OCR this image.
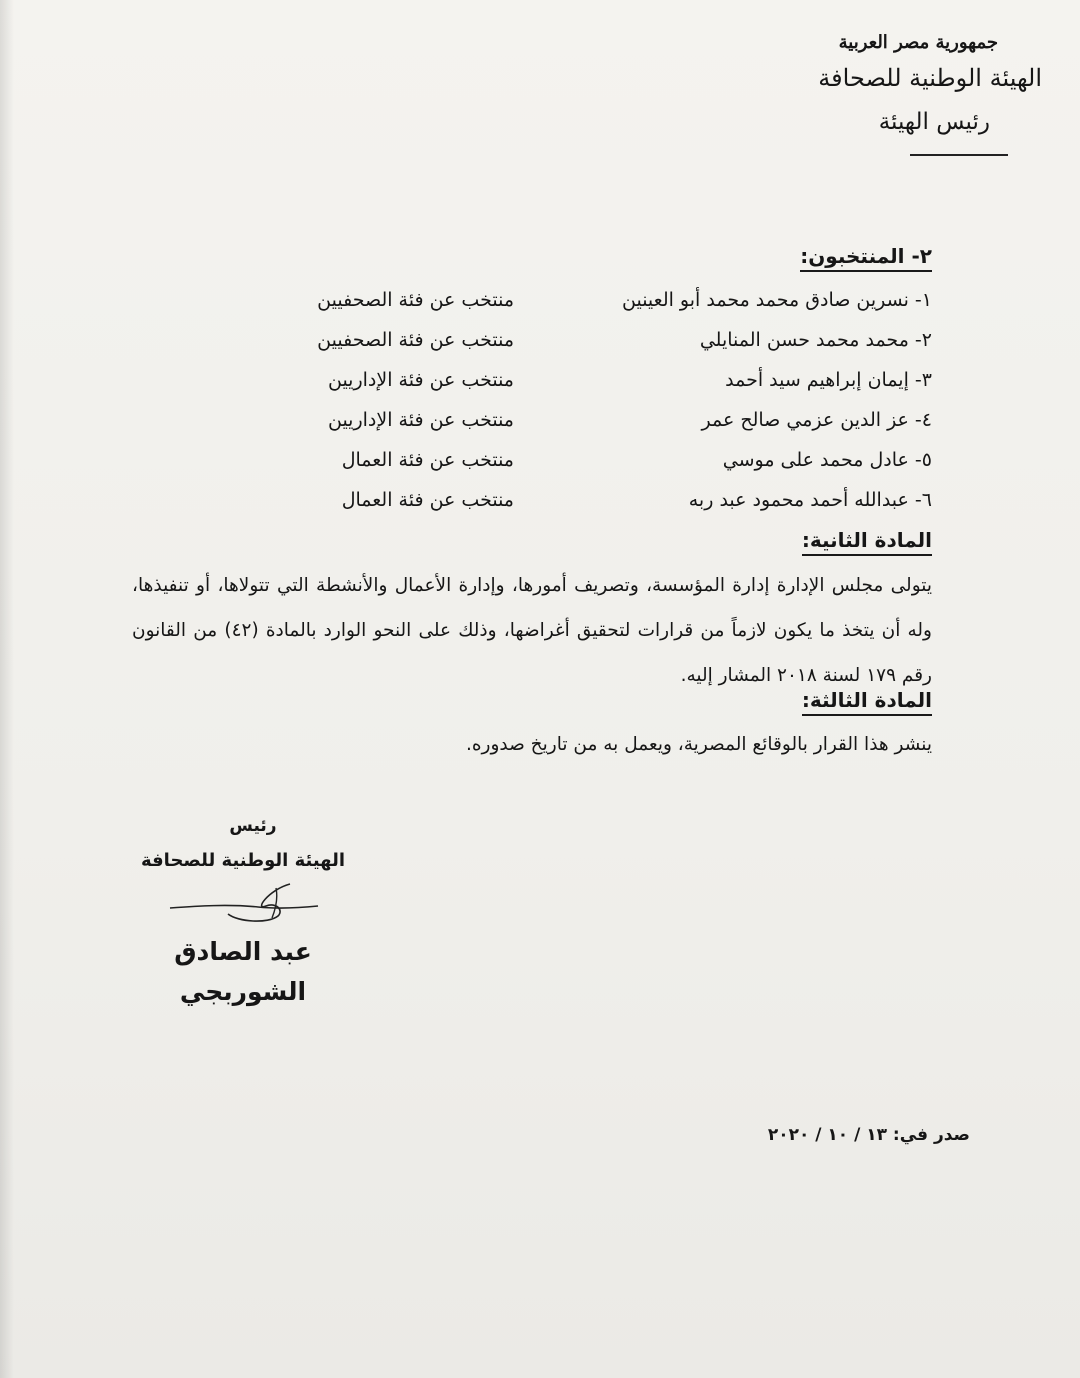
جمهورية مصر العربية
الهيئة الوطنية للصحافة
رئيس الهيئة
٢- المنتخبون:
١- نسرين صادق محمد محمد أبو العينين
منتخب عن فئة الصحفيين
٢- محمد محمد حسن المنايلي
منتخب عن فئة الصحفيين
٣- إيمان إبراهيم سيد أحمد
منتخب عن فئة الإداريين
٤- عز الدين عزمي صالح عمر
منتخب عن فئة الإداريين
٥- عادل محمد على موسي
منتخب عن فئة العمال
٦- عبدالله أحمد محمود عبد ربه
منتخب عن فئة العمال
المادة الثانية:
يتولى مجلس الإدارة إدارة المؤسسة، وتصريف أمورها، وإدارة الأعمال والأنشطة التي تتولاها، أو تنفيذها، وله أن يتخذ ما يكون لازماً من قرارات لتحقيق أغراضها، وذلك على النحو الوارد بالمادة (٤٢) من القانون رقم ١٧٩ لسنة ٢٠١٨ المشار إليه.
المادة الثالثة:
ينشر هذا القرار بالوقائع المصرية، ويعمل به من تاريخ صدوره.
رئيس
الهيئة الوطنية للصحافة
عبد الصادق الشوربجي
صدر في: ١٣ / ١٠ / ٢٠٢٠
